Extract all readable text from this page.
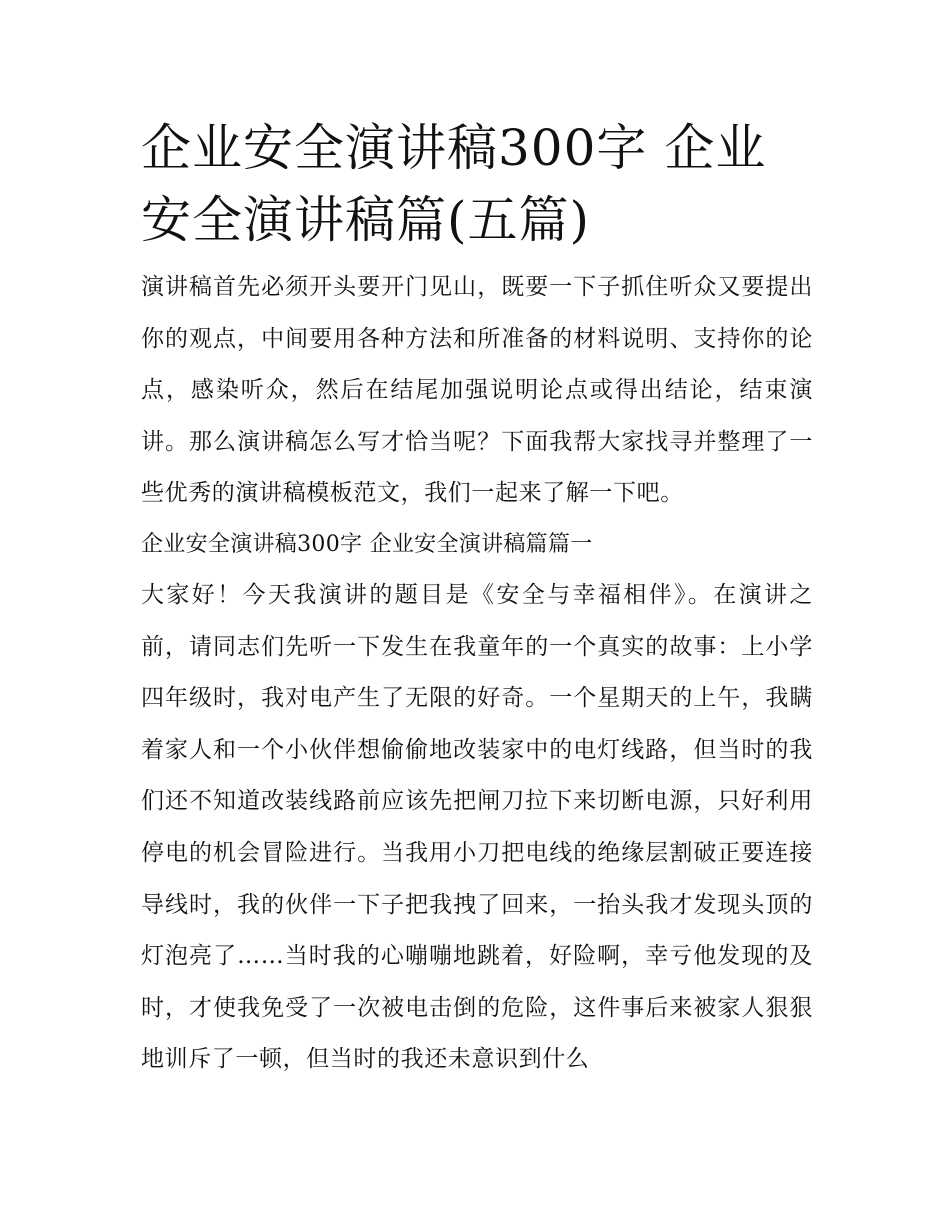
企业安全演讲稿300字 企业安全演讲稿篇(五篇)

演讲稿首先必须开头要开门见山，既要一下子抓住听众又要提出你的观点，中间要用各种方法和所准备的材料说明、支持你的论点，感染听众，然后在结尾加强说明论点或得出结论，结束演讲。那么演讲稿怎么写才恰当呢？下面我帮大家找寻并整理了一些优秀的演讲稿模板范文，我们一起来了解一下吧。

企业安全演讲稿300字 企业安全演讲稿篇篇一

大家好！今天我演讲的题目是《安全与幸福相伴》。在演讲之前，请同志们先听一下发生在我童年的一个真实的故事：上小学四年级时，我对电产生了无限的好奇。一个星期天的上午，我瞒着家人和一个小伙伴想偷偷地改装家中的电灯线路，但当时的我们还不知道改装线路前应该先把闸刀拉下来切断电源，只好利用停电的机会冒险进行。当我用小刀把电线的绝缘层割破正要连接导线时，我的伙伴一下子把我拽了回来，一抬头我才发现头顶的灯泡亮了……当时我的心嘣嘣地跳着，好险啊，幸亏他发现的及时，才使我免受了一次被电击倒的危险，这件事后来被家人狠狠地训斥了一顿，但当时的我还未意识到什么
